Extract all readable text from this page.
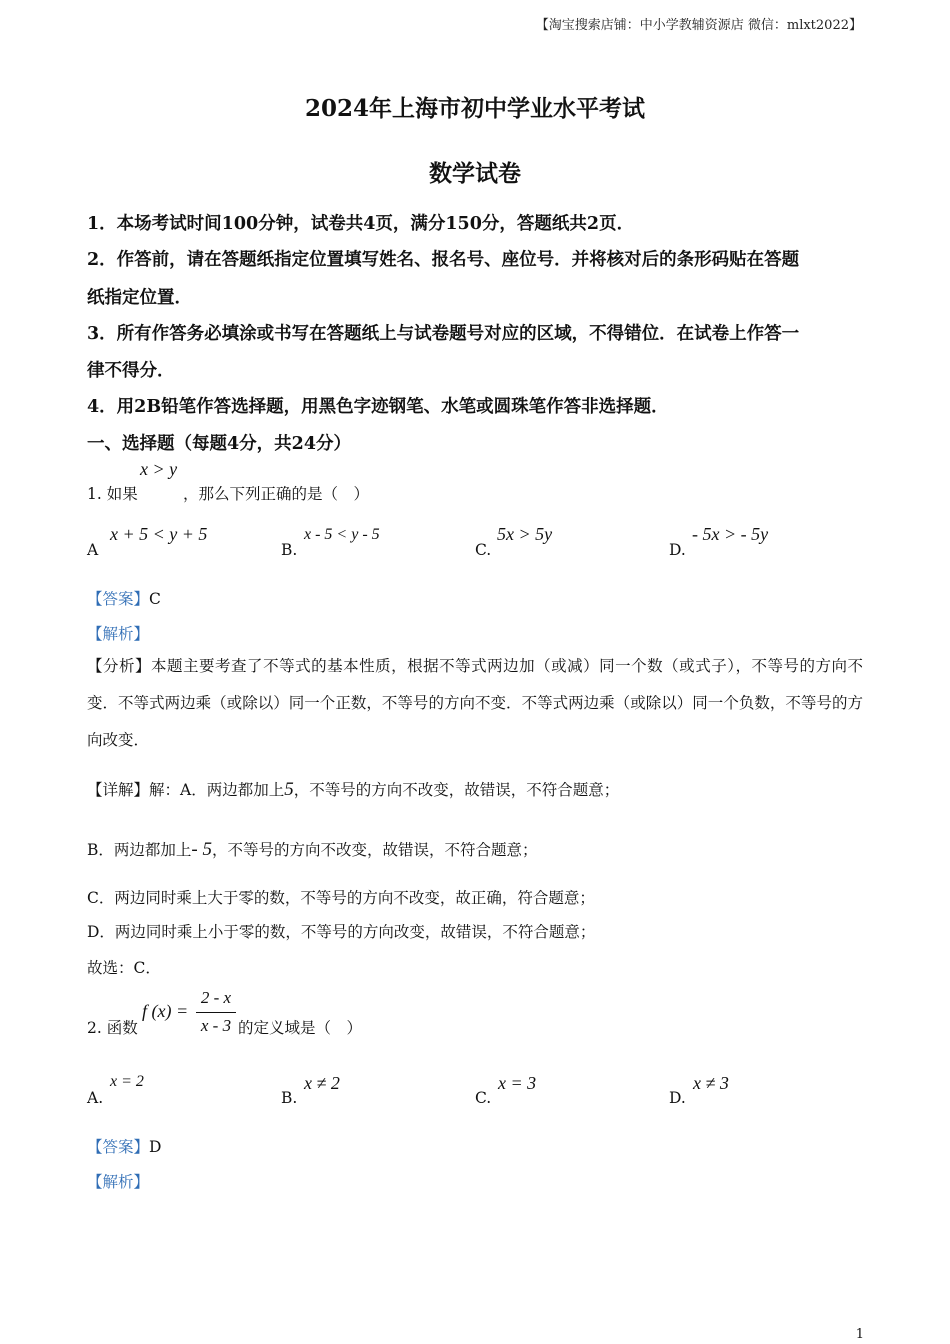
【淘宝搜索店铺：中小学教辅资源店 微信：mlxt2022】
2024年上海市初中学业水平考试
数学试卷
1．本场考试时间100分钟，试卷共4页，满分150分，答题纸共2页．
2．作答前，请在答题纸指定位置填写姓名、报名号、座位号．并将核对后的条形码贴在答题
纸指定位置．
3．所有作答务必填涂或书写在答题纸上与试卷题号对应的区域，不得错位．在试卷上作答一
律不得分．
4．用2B铅笔作答选择题，用黑色字迹钢笔、水笔或圆珠笔作答非选择题．
一、选择题（每题4分，共24分）
x > y
1. 如果	，那么下列正确的是（　）
A
x + 5 < y + 5
B.
x - 5 < y - 5
C.
5x > 5y
D.
- 5x > - 5y
【答案】C
【解析】
【分析】本题主要考查了不等式的基本性质，根据不等式两边加（或减）同一个数（或式子），不等号的方向不变．不等式两边乘（或除以）同一个正数，不等号的方向不变．不等式两边乘（或除以）同一个负数，不等号的方向改变．
【详解】解：A．两边都加上5，不等号的方向不改变，故错误，不符合题意；
B．两边都加上- 5，不等号的方向不改变，故错误，不符合题意；
C．两边同时乘上大于零的数，不等号的方向不改变，故正确，符合题意；
D．两边同时乘上小于零的数，不等号的方向改变，故错误，不符合题意；
故选：C．
2. 函数
f (x) =
2 - x
x - 3 的定义域是（　）
A.
x = 2
B.
x ≠ 2
C.
x = 3
D.
x ≠ 3
【答案】D
【解析】
1
